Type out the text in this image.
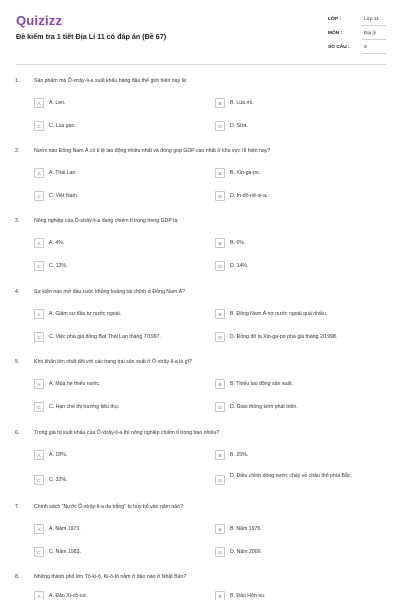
Quizizz
Đề kiểm tra 1 tiết Địa Lí 11 có đáp án (Đề 67)
LỚP :	Lớp 11
MÔN :	Địa lý
SỐ CÂU :	8
1.	Sản phẩm mà Ô-xtrây-li-a xuất khẩu hàng đầu thế giới hiện nay là:
A	A. Len.	B	B. Lúa mì.
C	C. Lúa gạo.	D	D. Sữa.
2.	Nước nào Đông Nam Á có tỉ lệ lao động nhiều nhất và đóng góp GDP cao nhất ở khu vực III hiện nay?
A	A. Thái Lan.	B	B. Xin-ga-po.
C	C. Việt Nam.	D	D. In-đô-nê-xi-a.
3.	Nông nghiệp của Ô-xtrây-li-a đang chiếm tỉ trọng trong GDP là:
A	A. 4%.	B	B. 6%.
C	C. 12%.	D	D. 14%.
4.	Sự kiện nào mở đầu cuộc khủng hoảng tài chính ở Đông Nam Á?
A	A. Giảm sự đầu tư nước ngoài.	B	B. Đông Nam Á nợ nước ngoài quá nhiều.
C	C. Việc phá giá đồng Bạt Thái Lan tháng 7/1997.	D	D. Đồng đô la Xin-ga-po phá giá tháng 2/1998.
5.	Khó khăn lớn nhất đối với các trang trại sản xuất ở Ô-xtrây-li-a là gì?
A	A. Mùa hè thiếu nước.	B	B. Thiếu lao động sản xuất.
C	C. Hạn chế thị trường tiêu thụ.	D	D. Giao thông kém phát triển.
6.	Trong giá trị xuất khẩu của Ô-xtrây-li-a thì nông nghiệp chiếm tỉ trọng bao nhiêu?
A	A. 18%.	B	B. 25%.
C	C. 32%.	D
D. Điều chỉnh dòng nước chảy về châu thổ phía Bắc.
7.	Chính sách "Nước Ô-xtrây-li-a da trắng" bị hủy bỏ vào năm nào?
A	A. Năm 1973.	B	B. Năm 1975.
C	C. Năm 1983.	D	D. Năm 2000.
8.	Những thành phố lớn Tô-ki-ô, Ki-ô-tô nằm ở đảo nào ở Nhật Bản?
A	A. Đảo Xi-cô-cư.	B	B. Đảo Hôn-su.
